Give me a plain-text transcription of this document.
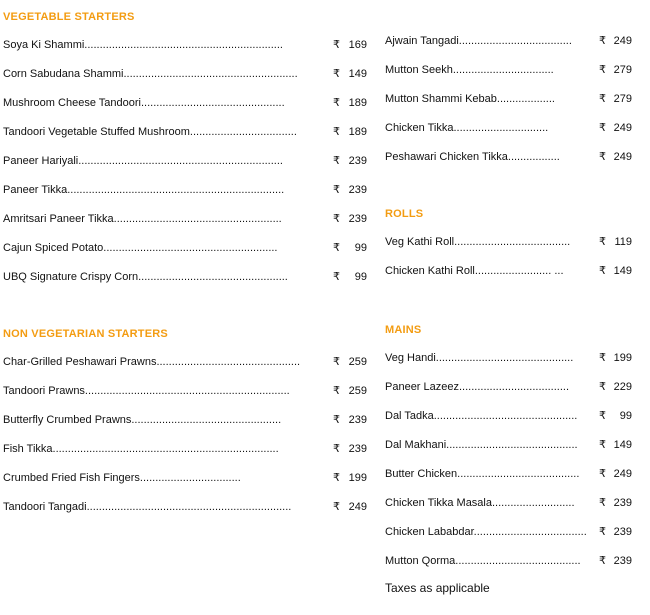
VEGETABLE STARTERS
Soya Ki Shammi.................................................................	₹ 169
Corn Sabudana Shammi.........................................................	₹ 149
Mushroom Cheese Tandoori...............................................	₹ 189
Tandoori Vegetable Stuffed Mushroom...................................	₹ 189
Paneer Hariyali...................................................................	₹ 239
Paneer Tikka.......................................................................	₹ 239
Amritsari Paneer Tikka.......................................................	₹ 239
Cajun Spiced Potato.........................................................	₹	99
UBQ Signature Crispy Corn.................................................	₹	99
NON VEGETARIAN STARTERS
Char-Grilled Peshawari Prawns...............................................	₹ 259
Tandoori Prawns...................................................................	₹ 259
Butterfly Crumbed Prawns.................................................	₹ 239
Fish Tikka..........................................................................	₹ 239
Crumbed Fried Fish Fingers.................................	₹ 199
Tandoori Tangadi...................................................................	₹ 249
Ajwain Tangadi..................................... ₹ 249
Mutton Seekh.................................	₹ 279
Mutton Shammi Kebab...................	₹ 279
Chicken Tikka...............................	₹ 249
Peshawari Chicken Tikka.................	₹ 249
ROLLS
Veg Kathi Roll......................................	₹ 119
Chicken Kathi Roll......................... ...	₹ 149
MAINS
Veg Handi............................................. ₹ 199
Paneer Lazeez....................................	₹ 229
Dal Tadka............................................... ₹	99
Dal Makhani........................................... ₹ 149
Butter Chicken........................................ ₹ 249
Chicken Tikka Masala........................... ₹ 239
Chicken Lababdar..................................... ₹ 239
Mutton Qorma......................................... ₹ 239
Taxes as applicable
